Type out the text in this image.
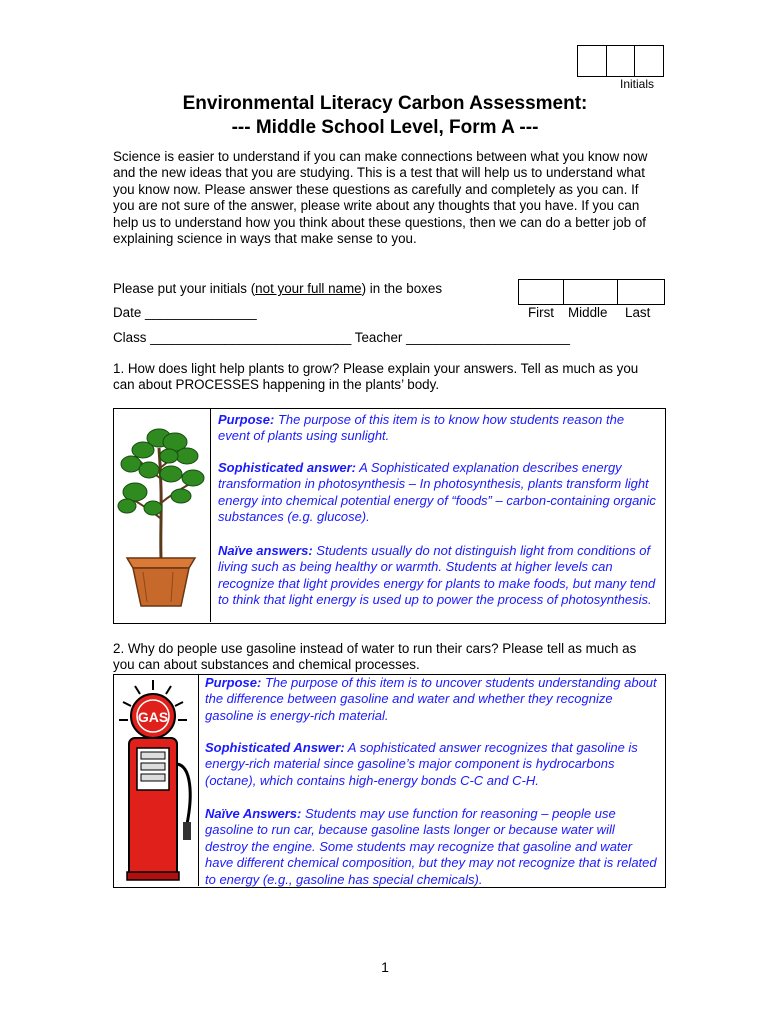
Initials
Environmental Literacy Carbon Assessment:
--- Middle School Level, Form A ---
Science is easier to understand if you can make connections between what you know now and the new ideas that you are studying. This is a test that will help us to understand what you know now. Please answer these questions as carefully and completely as you can. If you are not sure of the answer, please write about any thoughts that you have. If you can help us to understand how you think about these questions, then we can do a better job of explaining science in ways that make sense to you.
Please put your initials (not your full name) in the boxes
Date _______________	First Middle Last
Class ___________________________ Teacher ______________________
1. How does light help plants to grow? Please explain your answers. Tell as much as you can about PROCESSES happening in the plants’ body.
Purpose: The purpose of this item is to know how students reason the event of plants using sunlight.
Sophisticated answer: A Sophisticated explanation describes energy transformation in photosynthesis – In photosynthesis, plants transform light energy into chemical potential energy of “foods” – carbon-containing organic substances (e.g. glucose).
Naïve answers: Students usually do not distinguish light from conditions of living such as being healthy or warmth. Students at higher levels can recognize that light provides energy for plants to make foods, but many tend to think that light energy is used up to power the process of photosynthesis.
2. Why do people use gasoline instead of water to run their cars? Please tell as much as you can about substances and chemical processes.
GAS
Purpose: The purpose of this item is to uncover students understanding about the difference between gasoline and water and whether they recognize gasoline is energy-rich material.
Sophisticated Answer: A sophisticated answer recognizes that gasoline is energy-rich material since gasoline’s major component is hydrocarbons (octane), which contains high-energy bonds C-C and C-H.
Naïve Answers: Students may use function for reasoning – people use gasoline to run car, because gasoline lasts longer or because water will destroy the engine. Some students may recognize that gasoline and water have different chemical composition, but they may not recognize that is related to energy (e.g., gasoline has special chemicals).
1
